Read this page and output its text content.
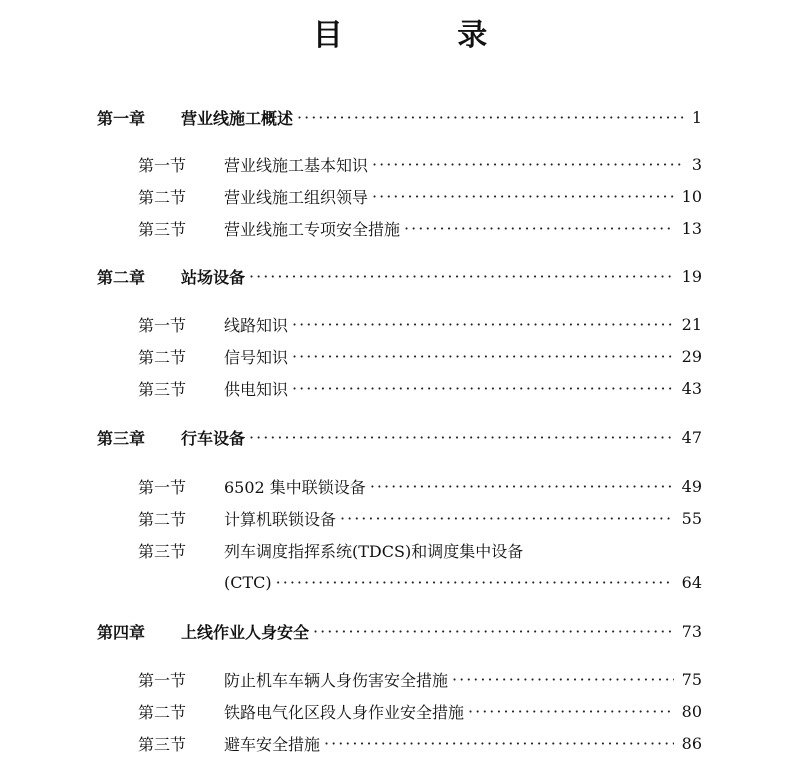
目 录
第一章	营业线施工概述 ·····	1
第一节	营业线施工基本知识 ·····	3
第二节	营业线施工组织领导 ·····	10
第三节	营业线施工专项安全措施 ·····	13
第二章	站场设备 ·····	19
第一节	线路知识 ·····	21
第二节	信号知识 ·····	29
第三节	供电知识 ·····	43
第三章	行车设备 ·····	47
第一节	6502 集中联锁设备 ·····	49
第二节	计算机联锁设备 ·····	55
第三节	列车调度指挥系统(TDCS)和调度集中设备
(CTC) ·····	64
第四章	上线作业人身安全 ·····	73
第一节	防止机车车辆人身伤害安全措施 ·····	75
第二节	铁路电气化区段人身作业安全措施 ·····	80
第三节	避车安全措施 ·····	86
